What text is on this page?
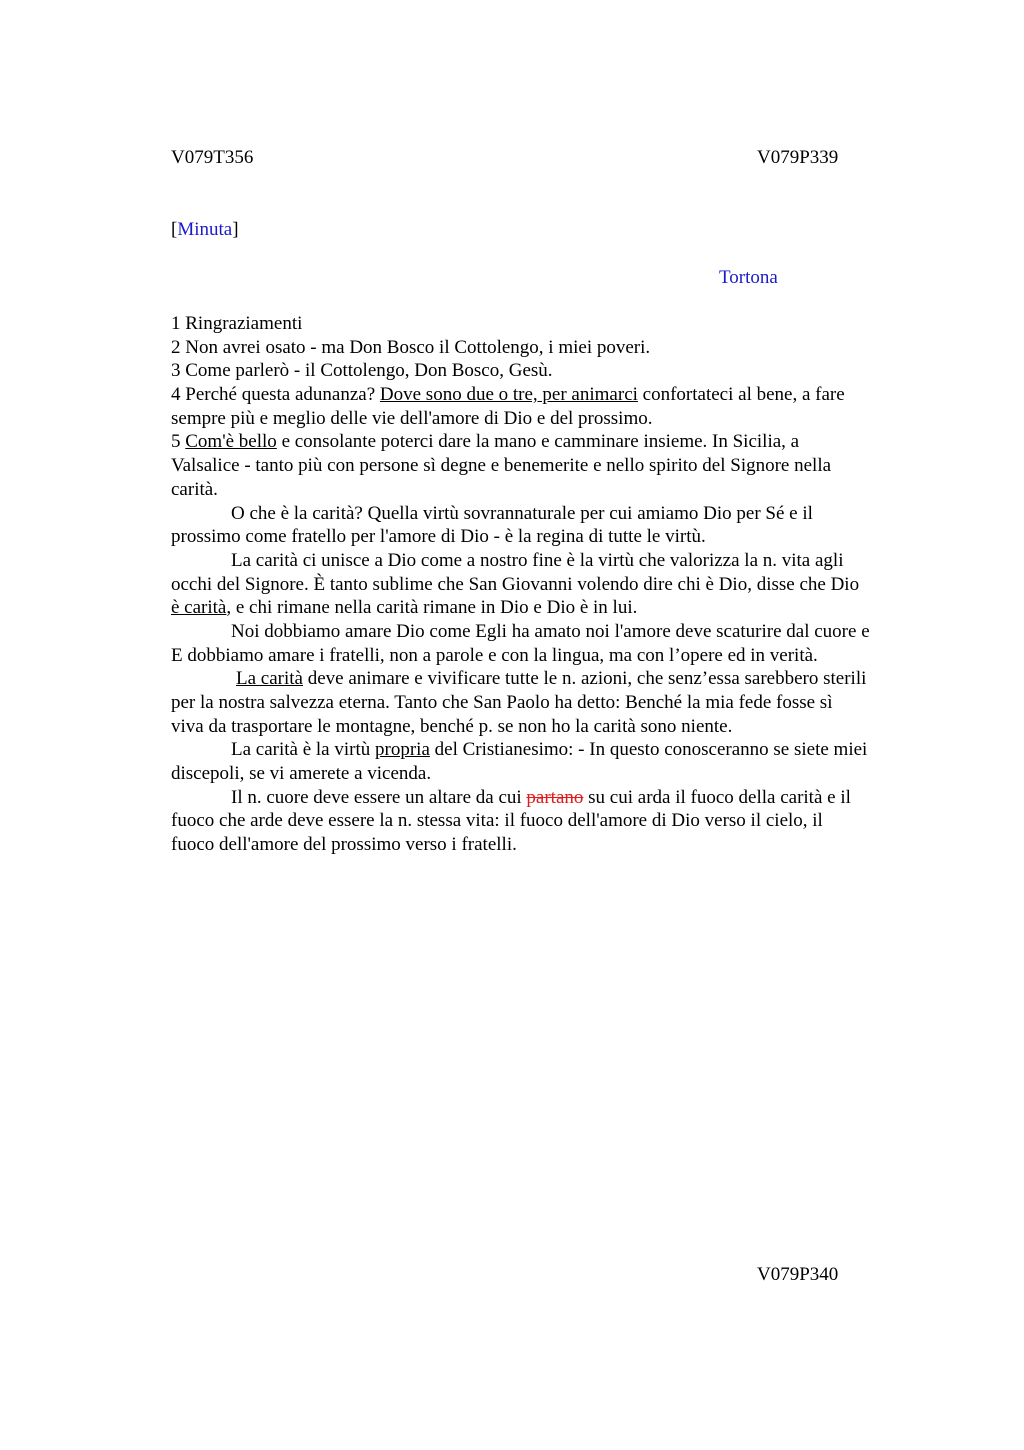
V079T356	V079P339
[Minuta]
Tortona
1 Ringraziamenti
2 Non avrei osato - ma Don Bosco il Cottolengo, i miei poveri.
3 Come parlerò - il Cottolengo, Don Bosco, Gesù.
4 Perché questa adunanza? Dove sono due o tre, per animarci confortateci al bene, a fare
sempre più e meglio delle vie dell'amore di Dio e del prossimo.
5 Com'è bello e consolante poterci dare la mano e camminare insieme. In Sicilia, a
Valsalice - tanto più con persone sì degne e benemerite e nello spirito del Signore nella
carità.
O che è la carità? Quella virtù sovrannaturale per cui amiamo Dio per Sé e il
prossimo come fratello per l'amore di Dio - è la regina di tutte le virtù.
La carità ci unisce a Dio come a nostro fine è la virtù che valorizza la n. vita agli
occhi del Signore. È tanto sublime che San Giovanni volendo dire chi è Dio, disse che Dio
è carità, e chi rimane nella carità rimane in Dio e Dio è in lui.
Noi dobbiamo amare Dio come Egli ha amato noi l'amore deve scaturire dal cuore e
E dobbiamo amare i fratelli, non a parole e con la lingua, ma con l’opere ed in verità.
La carità deve animare e vivificare tutte le n. azioni, che senz’essa sarebbero sterili
per la nostra salvezza eterna. Tanto che San Paolo ha detto: Benché la mia fede fosse sì
viva da trasportare le montagne, benché p. se non ho la carità sono niente.
La carità è la virtù propria del Cristianesimo: - In questo conosceranno se siete miei
discepoli, se vi amerete a vicenda.
Il n. cuore deve essere un altare da cui partano su cui arda il fuoco della carità e il
fuoco che arde deve essere la n. stessa vita: il fuoco dell'amore di Dio verso il cielo, il
fuoco dell'amore del prossimo verso i fratelli.
V079P340
